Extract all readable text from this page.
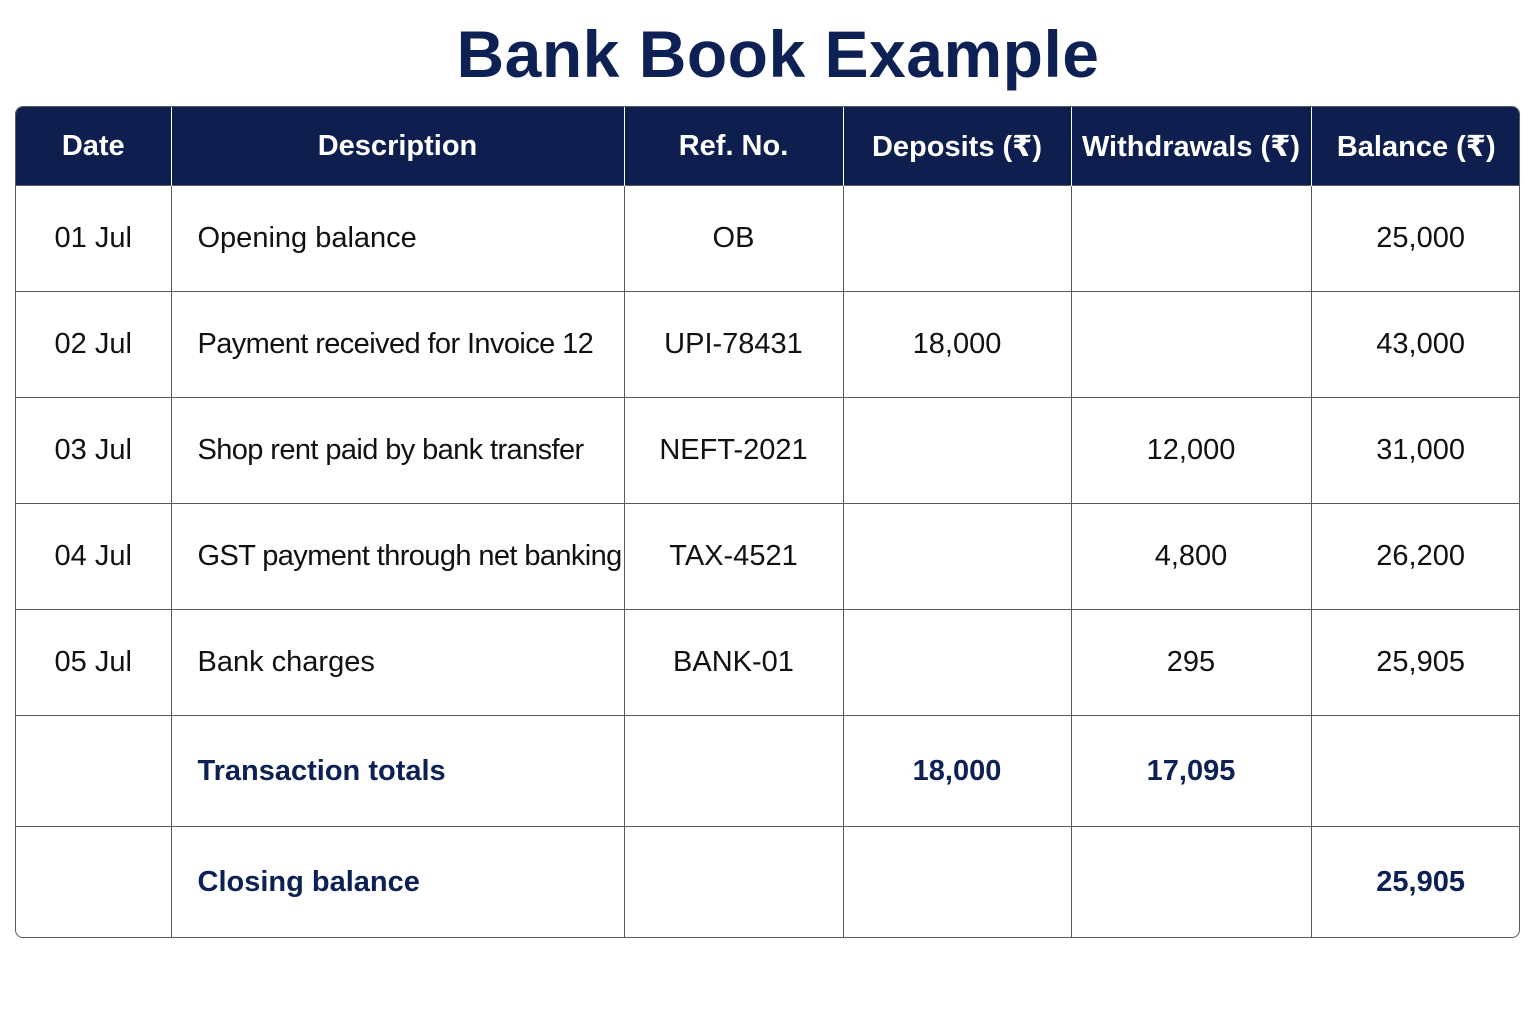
Bank Book Example
Date	Description	Ref. No.	Deposits (₹)	Withdrawals (₹)	Balance (₹)
01 Jul	Opening balance	OB			25,000
02 Jul	Payment received for Invoice 12	UPI-78431	18,000		43,000
03 Jul	Shop rent paid by bank transfer	NEFT-2021		12,000	31,000
04 Jul	GST payment through net banking	TAX-4521		4,800	26,200
05 Jul	Bank charges	BANK-01		295	25,905
	Transaction totals		18,000	17,095	
	Closing balance				25,905
